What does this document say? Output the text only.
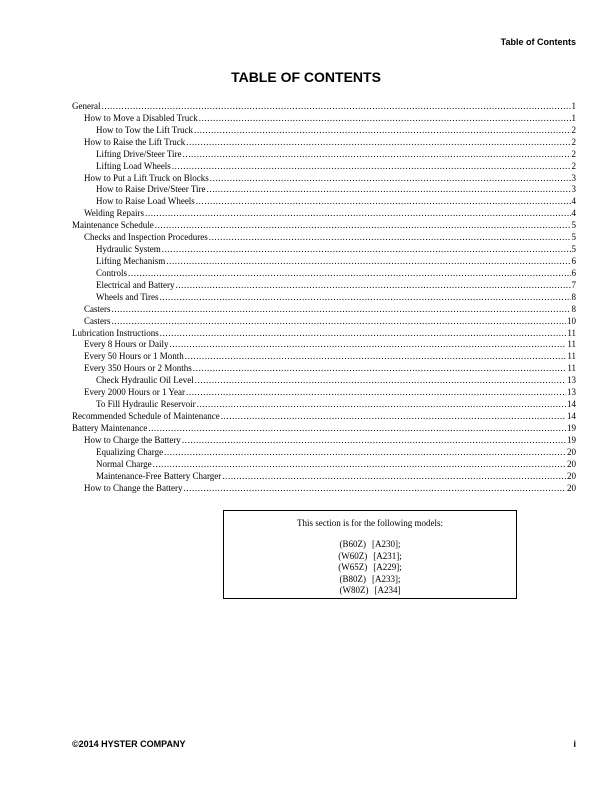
Table of Contents
TABLE OF CONTENTS
General .....	1
How to Move a Disabled Truck .....	1
How to Tow the Lift Truck .....	2
How to Raise the Lift Truck .....	2
Lifting Drive/Steer Tire .....	2
Lifting Load Wheels .....	2
How to Put a Lift Truck on Blocks .....	3
How to Raise Drive/Steer Tire .....	3
How to Raise Load Wheels .....	4
Welding Repairs .....	4
Maintenance Schedule .....	5
Checks and Inspection Procedures .....	5
Hydraulic System .....	5
Lifting Mechanism .....	6
Controls .....	6
Electrical and Battery .....	7
Wheels and Tires .....	8
Casters .....	8
Casters .....	10
Lubrication Instructions .....	11
Every 8 Hours or Daily .....	11
Every 50 Hours or 1 Month .....	11
Every 350 Hours or 2 Months .....	11
Check Hydraulic Oil Level .....	13
Every 2000 Hours or 1 Year .....	13
To Fill Hydraulic Reservoir .....	14
Recommended Schedule of Maintenance .....	14
Battery Maintenance .....	19
How to Charge the Battery .....	19
Equalizing Charge .....	20
Normal Charge .....	20
Maintenance-Free Battery Charger .....	20
How to Change the Battery .....	20
This section is for the following models:
(B60Z) [A230];
(W60Z) [A231];
(W65Z) [A229];
(B80Z) [A233];
(W80Z) [A234]
©2014 HYSTER COMPANY	i
